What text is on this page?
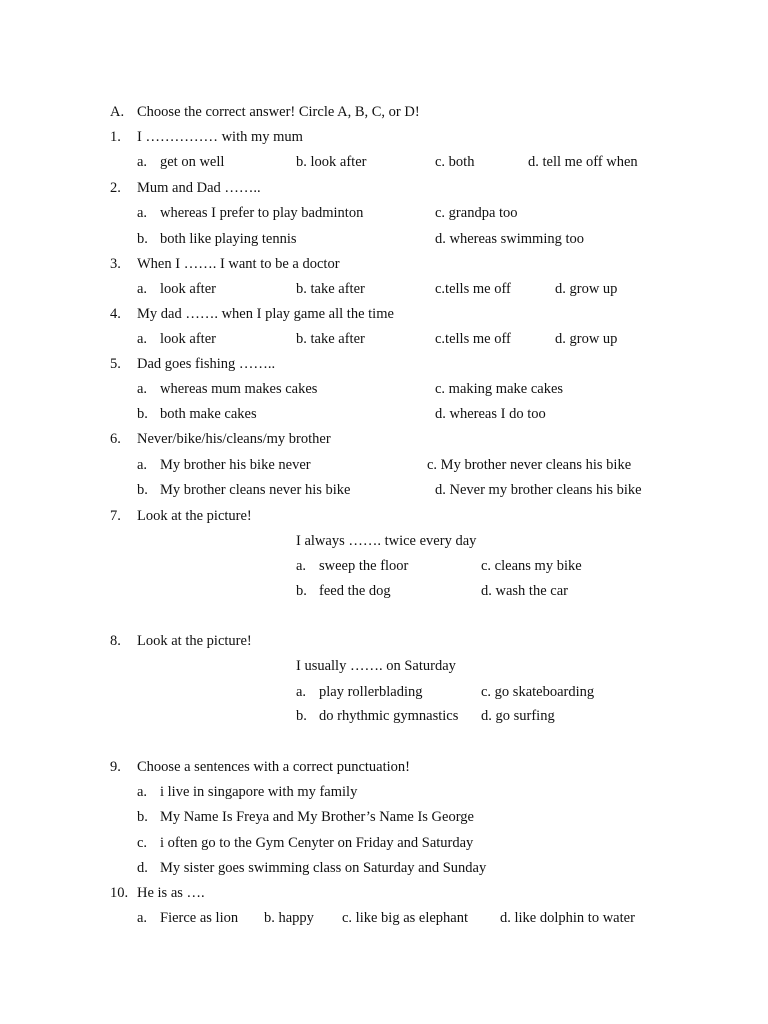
A. Choose the correct answer! Circle A, B, C, or D!
1. I …………… with my mum
a. get on well	b. look after	c. both	d. tell me off when
2. Mum and Dad ……..
a. whereas I prefer to play badminton	c. grandpa too
b. both like playing tennis	d. whereas swimming too
3. When I ……. I want to be a doctor
a. look after	b. take after	c.tells me off	d. grow up
4. My dad ……. when I play game all the time
a. look after	b. take after	c.tells me off	d. grow up
5. Dad goes fishing ……..
a. whereas mum makes cakes	c. making make cakes
b. both make cakes	d. whereas I do too
6. Never/bike/his/cleans/my brother
a. My brother his bike never	c. My brother never cleans his bike
b. My brother cleans never his bike	d. Never my brother cleans his bike
7. Look at the picture!
I always ……. twice every day
a. sweep the floor	c. cleans my bike
b. feed the dog	d. wash the car
8. Look at the picture!
I usually ……. on Saturday
a. play rollerblading	c. go skateboarding
b. do rhythmic gymnastics d. go surfing
9. Choose a sentences with a correct punctuation!
a. i live in singapore with my family
b. My Name Is Freya and My Brother’s Name Is George
c. i often go to the Gym Cenyter on Friday and Saturday
d. My sister goes swimming class on Saturday and Sunday
10. He is as ….
a. Fierce as lion b. happy c. like big as elephant d. like dolphin to water
